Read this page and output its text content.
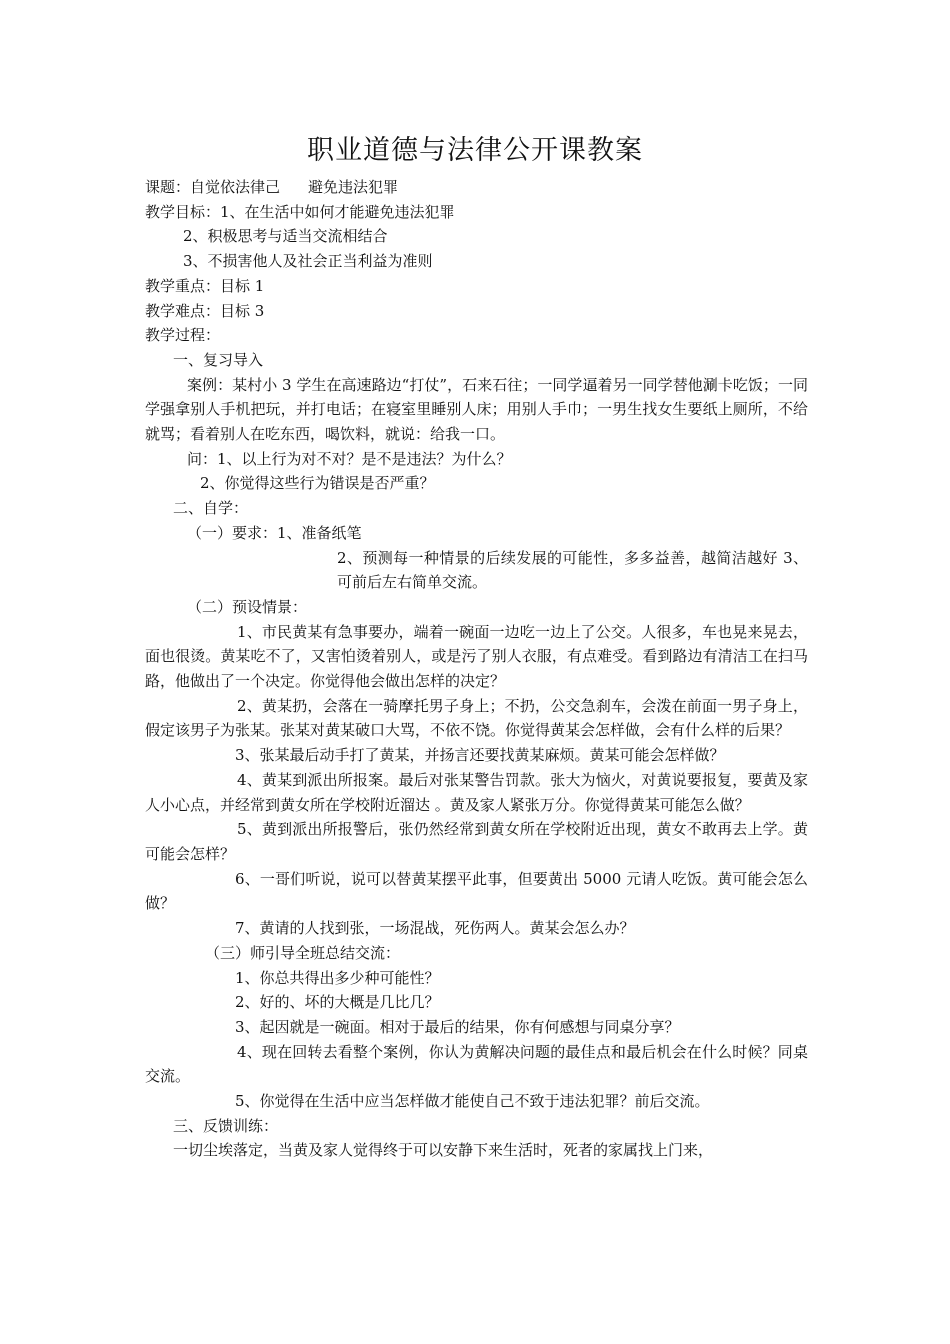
职业道德与法律公开课教案

课题：自觉依法律己 避免违法犯罪

教学目标：1、在生活中如何才能避免违法犯罪

2、积极思考与适当交流相结合

3、不损害他人及社会正当利益为准则

教学重点：目标 1

教学难点：目标 3

教学过程：

一、复习导入

案例：某村小 3 学生在高速路边“打仗”，石来石往；一同学逼着另一同学替他涮卡吃饭；一同学强拿别人手机把玩，并打电话；在寝室里睡别人床；用别人手巾；一男生找女生要纸上厕所，不给就骂；看着别人在吃东西，喝饮料，就说：给我一口。

问：1、以上行为对不对？是不是违法？为什么？

2、你觉得这些行为错误是否严重？

二、自学：

（一）要求：1、准备纸笔

2、预测每一种情景的后续发展的可能性，多多益善，越简洁越好 3、可前后左右简单交流。

（二）预设情景：

1、市民黄某有急事要办，端着一碗面一边吃一边上了公交。人很多，车也晃来晃去，面也很烫。黄某吃不了，又害怕烫着别人，或是污了别人衣服，有点难受。看到路边有清洁工在扫马路，他做出了一个决定。你觉得他会做出怎样的决定？

2、黄某扔，会落在一骑摩托男子身上；不扔，公交急刹车，会泼在前面一男子身上，假定该男子为张某。张某对黄某破口大骂，不依不饶。你觉得黄某会怎样做，会有什么样的后果？

3、张某最后动手打了黄某，并扬言还要找黄某麻烦。黄某可能会怎样做？

4、黄某到派出所报案。最后对张某警告罚款。张大为恼火，对黄说要报复，要黄及家人小心点，并经常到黄女所在学校附近溜达 。黄及家人紧张万分。你觉得黄某可能怎么做？

5、黄到派出所报警后，张仍然经常到黄女所在学校附近出现，黄女不敢再去上学。黄可能会怎样？

6、一哥们听说，说可以替黄某摆平此事，但要黄出 5000 元请人吃饭。黄可能会怎么做？

7、黄请的人找到张，一场混战，死伤两人。黄某会怎么办？

（三）师引导全班总结交流：

1、你总共得出多少种可能性？

2、好的、坏的大概是几比几？

3、起因就是一碗面。相对于最后的结果，你有何感想与同桌分享？

4、现在回转去看整个案例，你认为黄解决问题的最佳点和最后机会在什么时候？同桌交流。

5、你觉得在生活中应当怎样做才能使自己不致于违法犯罪？前后交流。

三、反馈训练：

一切尘埃落定，当黄及家人觉得终于可以安静下来生活时，死者的家属找上门来，
